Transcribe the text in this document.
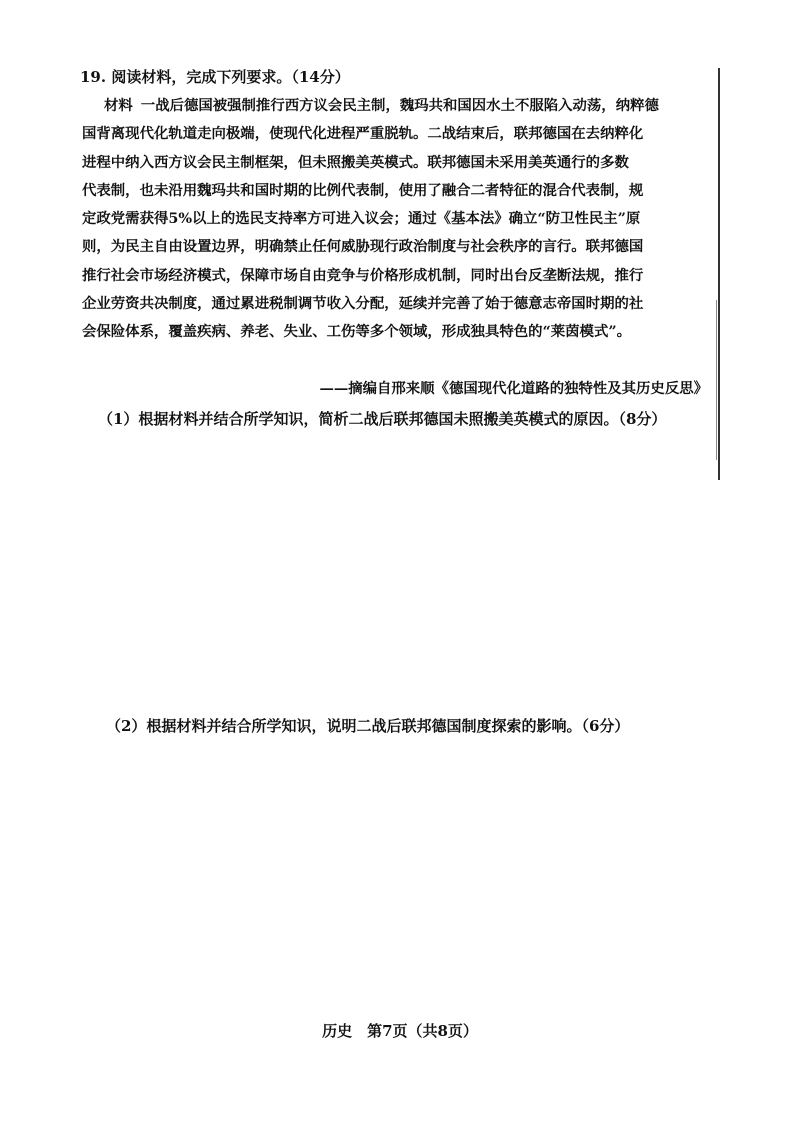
19. 阅读材料，完成下列要求。（14分）
材料 一战后德国被强制推行西方议会民主制，魏玛共和国因水土不服陷入动荡，纳粹德
国背离现代化轨道走向极端，使现代化进程严重脱轨。二战结束后，联邦德国在去纳粹化
进程中纳入西方议会民主制框架，但未照搬美英模式。联邦德国未采用美英通行的多数
代表制，也未沿用魏玛共和国时期的比例代表制，使用了融合二者特征的混合代表制，规
定政党需获得5%以上的选民支持率方可进入议会；通过《基本法》确立“防卫性民主”原
则，为民主自由设置边界，明确禁止任何威胁现行政治制度与社会秩序的言行。联邦德国
推行社会市场经济模式，保障市场自由竞争与价格形成机制，同时出台反垄断法规，推行
企业劳资共决制度，通过累进税制调节收入分配，延续并完善了始于德意志帝国时期的社
会保险体系，覆盖疾病、养老、失业、工伤等多个领域，形成独具特色的“莱茵模式”。
——摘编自邢来顺《德国现代化道路的独特性及其历史反思》
（1）根据材料并结合所学知识，简析二战后联邦德国未照搬美英模式的原因。（8分）
（2）根据材料并结合所学知识，说明二战后联邦德国制度探索的影响。（6分）
历史　第7页（共8页）
